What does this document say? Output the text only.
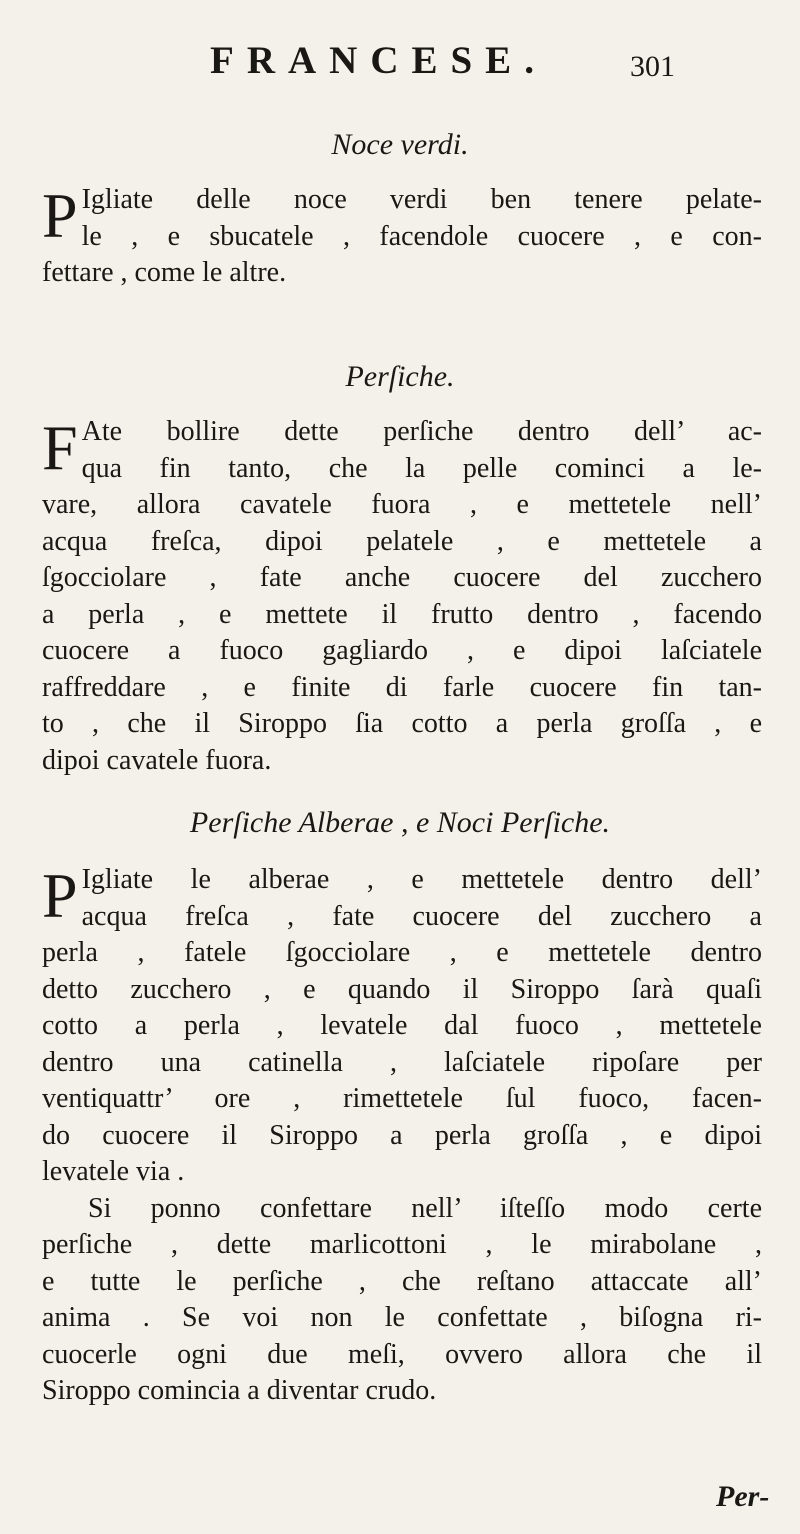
FRANCESE.	301
Noce verdi.
P Igliate delle noce verdi ben tenere pelate-
le , e sbucatele , facendole cuocere , e con-
fettare , come le altre.
Perſiche.
F Ate bollire dette perſiche dentro dell’ ac-
qua fin tanto, che la pelle cominci a le-
vare, allora cavatele fuora , e mettetele nell’
acqua freſca, dipoi pelatele , e mettetele a
ſgocciolare , fate anche cuocere del zucchero
a perla , e mettete il frutto dentro , facendo
cuocere a fuoco gagliardo , e dipoi laſciatele
raffreddare , e finite di farle cuocere fin tan-
to , che il Siroppo ſia cotto a perla groſſa , e
dipoi cavatele fuora.
Perſiche Alberae , e Noci Perſiche.
P Igliate le alberae , e mettetele dentro dell’
acqua freſca , fate cuocere del zucchero a
perla , fatele ſgocciolare , e mettetele dentro
detto zucchero , e quando il Siroppo ſarà quaſi
cotto a perla , levatele dal fuoco , mettetele
dentro una catinella , laſciatele ripoſare per
ventiquattr’ ore , rimettetele ſul fuoco, facen-
do cuocere il Siroppo a perla groſſa , e dipoi
levatele via .
Si ponno confettare nell’ iſteſſo modo certe
perſiche , dette marlicottoni , le mirabolane ,
e tutte le perſiche , che reſtano attaccate all’
anima . Se voi non le confettate , biſogna ri-
cuocerle ogni due meſi, ovvero allora che il
Siroppo comincia a diventar crudo.
Per-
